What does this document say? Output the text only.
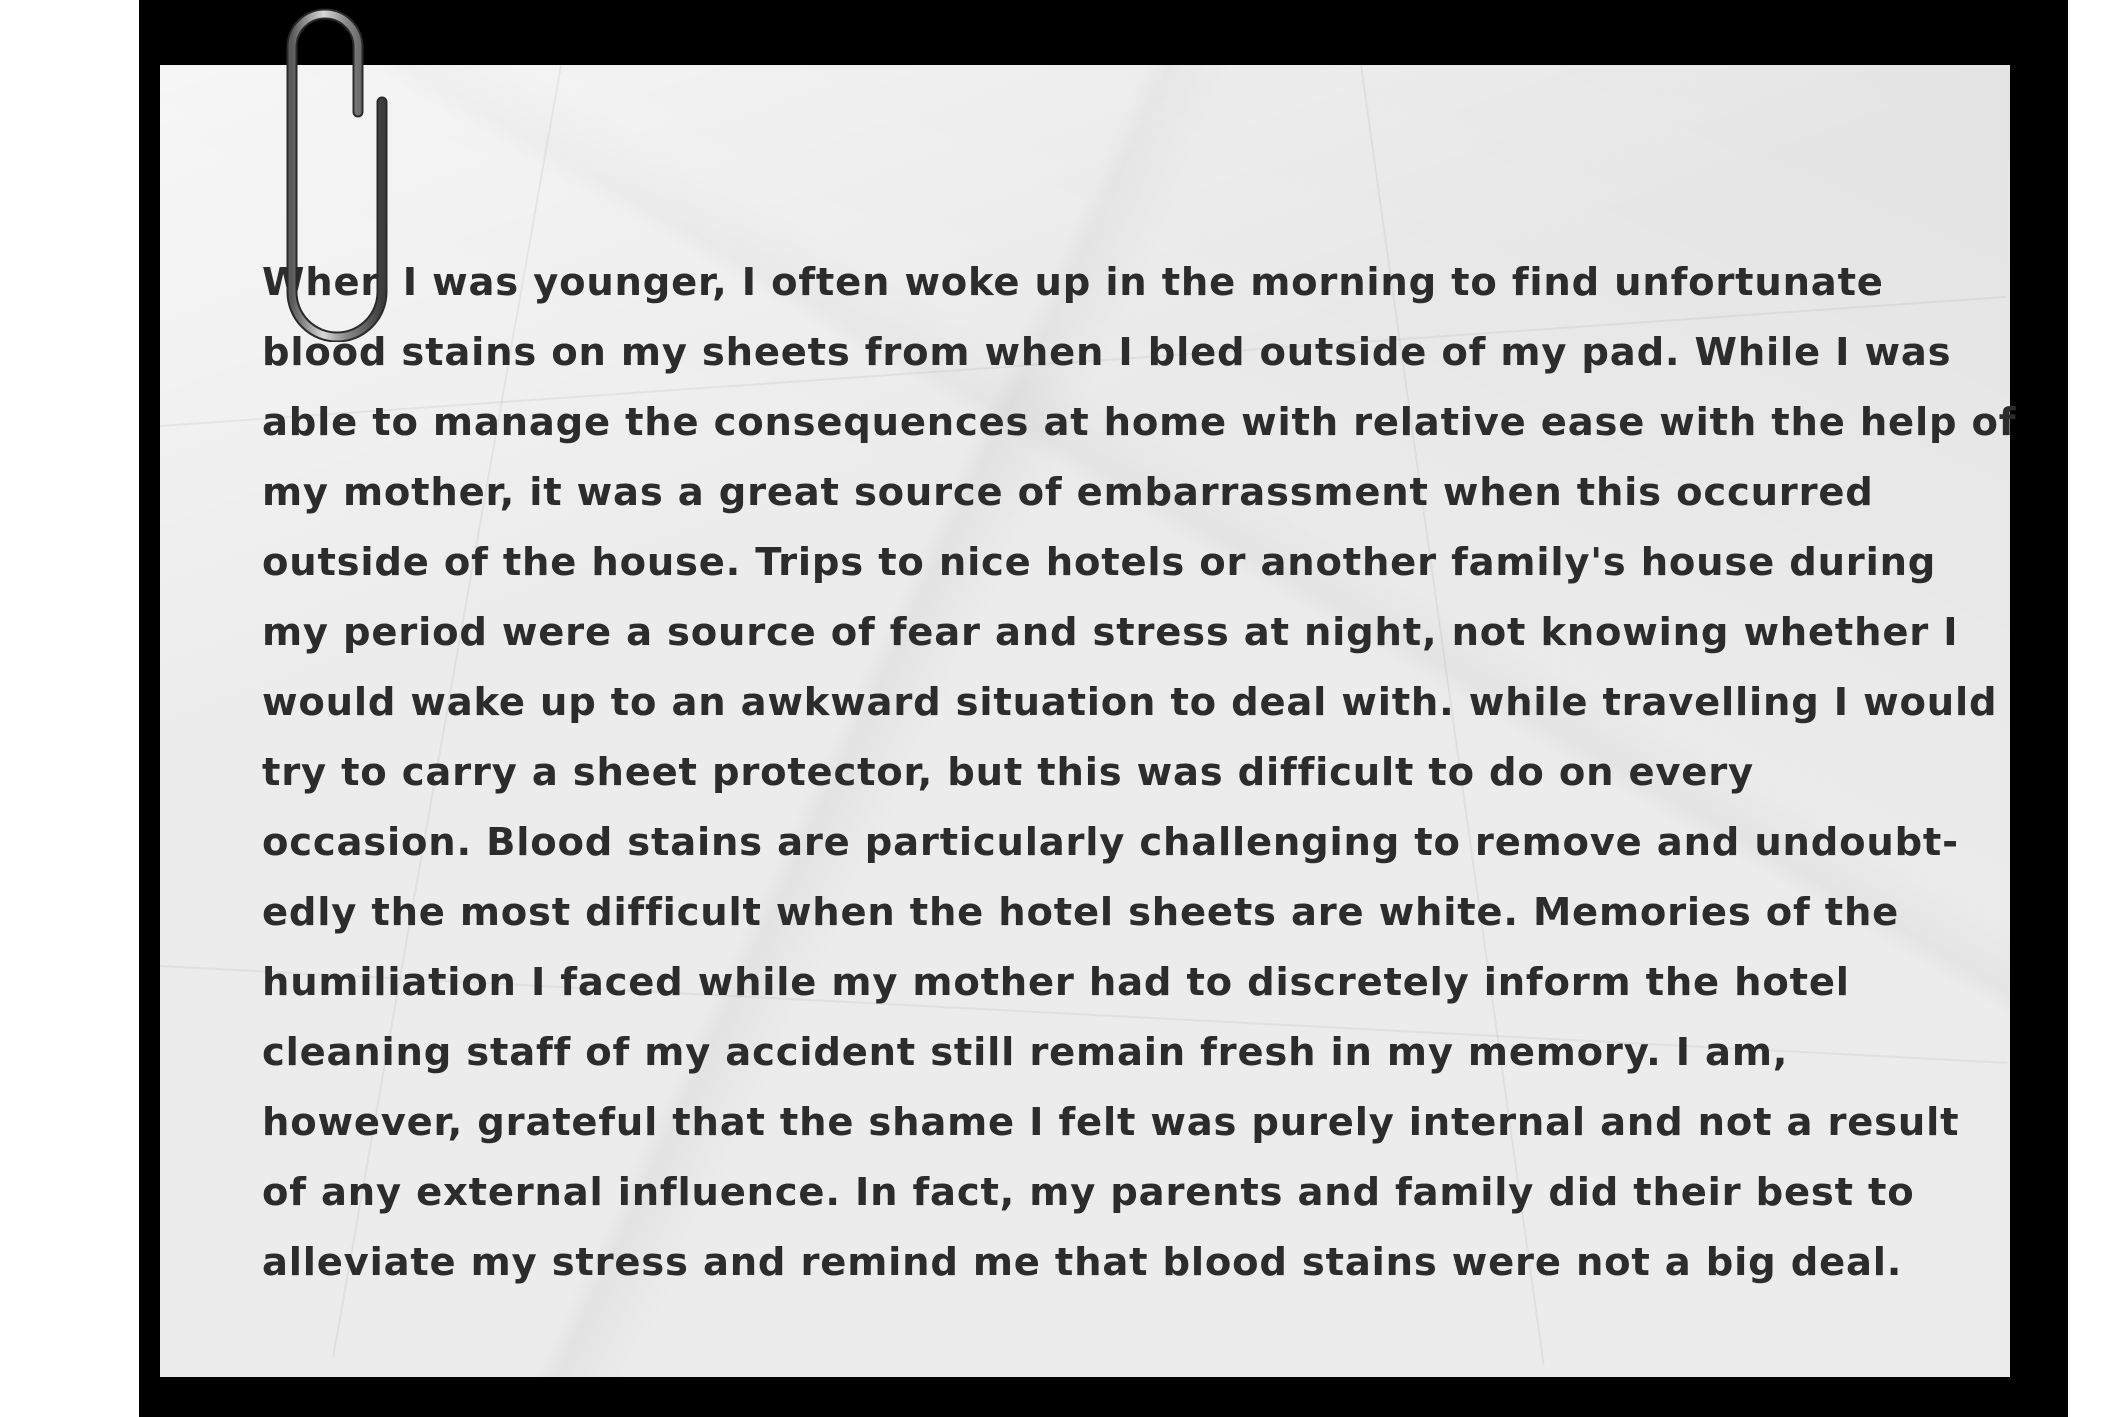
When I was younger, I often woke up in the morning to find unfortunate
blood stains on my sheets from when I bled outside of my pad. While I was
able to manage the consequences at home with relative ease with the help of
my mother, it was a great source of embarrassment when this occurred
outside of the house. Trips to nice hotels or another family's house during
my period were a source of fear and stress at night, not knowing whether I
would wake up to an awkward situation to deal with. while travelling I would
try to carry a sheet protector, but this was difficult to do on every
occasion. Blood stains are particularly challenging to remove and undoubt-
edly the most difficult when the hotel sheets are white. Memories of the
humiliation I faced while my mother had to discretely inform the hotel
cleaning staff of my accident still remain fresh in my memory. I am,
however, grateful that the shame I felt was purely internal and not a result
of any external influence. In fact, my parents and family did their best to
alleviate my stress and remind me that blood stains were not a big deal.
